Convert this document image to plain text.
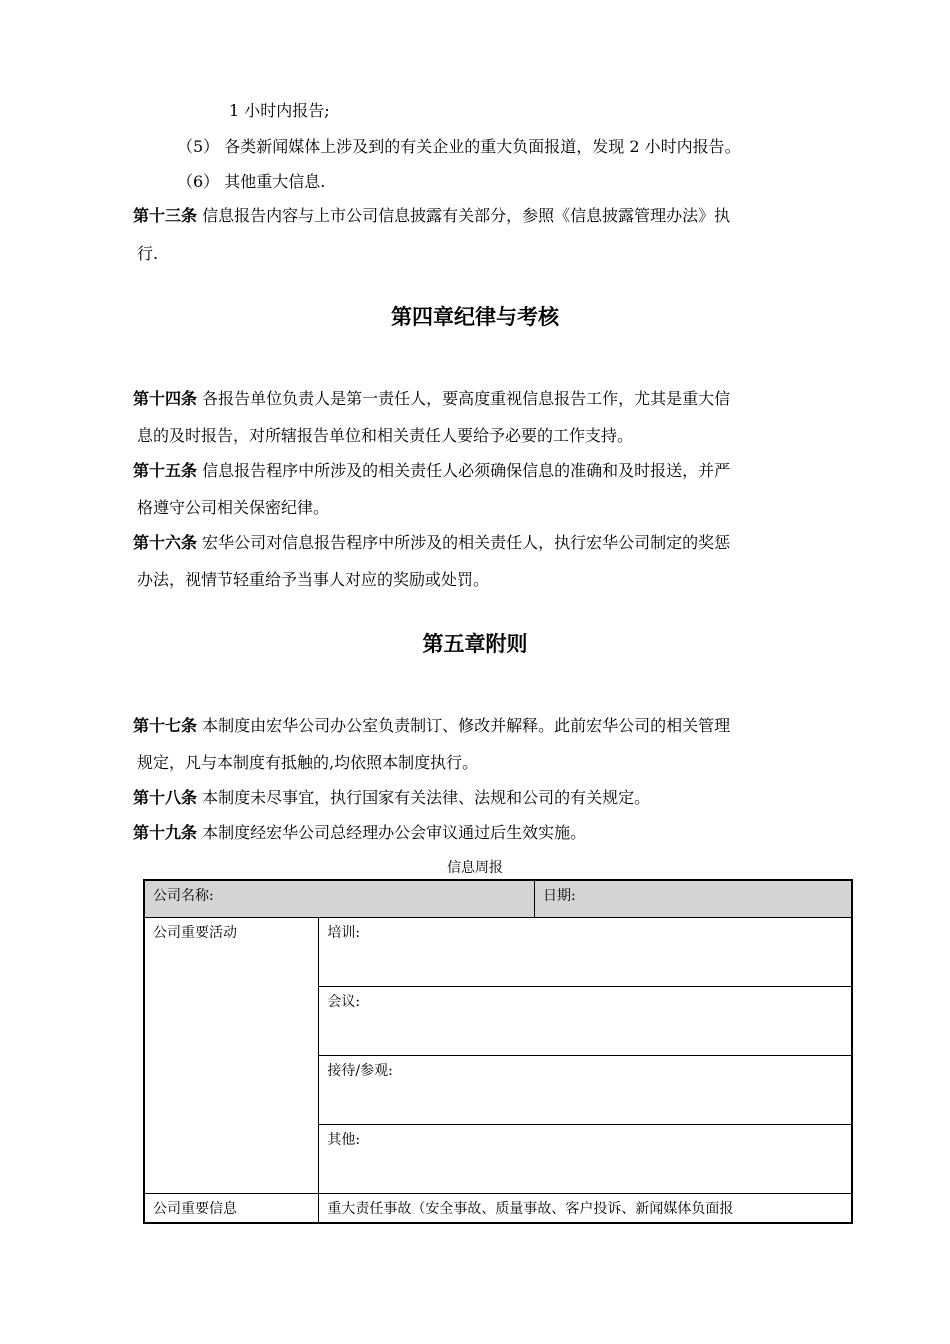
1 小时内报告;
（5） 各类新闻媒体上涉及到的有关企业的重大负面报道，发现 2 小时内报告。
（6） 其他重大信息.
第十三条 信息报告内容与上市公司信息披露有关部分，参照《信息披露管理办法》执
行.
第四章纪律与考核
第十四条 各报告单位负责人是第一责任人，要高度重视信息报告工作，尤其是重大信
息的及时报告，对所辖报告单位和相关责任人要给予必要的工作支持。
第十五条 信息报告程序中所涉及的相关责任人必须确保信息的准确和及时报送，并严
格遵守公司相关保密纪律。
第十六条 宏华公司对信息报告程序中所涉及的相关责任人，执行宏华公司制定的奖惩
办法，视情节轻重给予当事人对应的奖励或处罚。
第五章附则
第十七条 本制度由宏华公司办公室负责制订、修改并解释。此前宏华公司的相关管理
规定，凡与本制度有抵触的,均依照本制度执行。
第十八条 本制度未尽事宜，执行国家有关法律、法规和公司的有关规定。
第十九条 本制度经宏华公司总经理办公会审议通过后生效实施。
信息周报
公司名称:		日期:
公司重要活动	培训:	
	会议:	
	接待/参观:	
	其他:	
公司重要信息	重大责任事故（安全事故、质量事故、客户投诉、新闻媒体负面报	
